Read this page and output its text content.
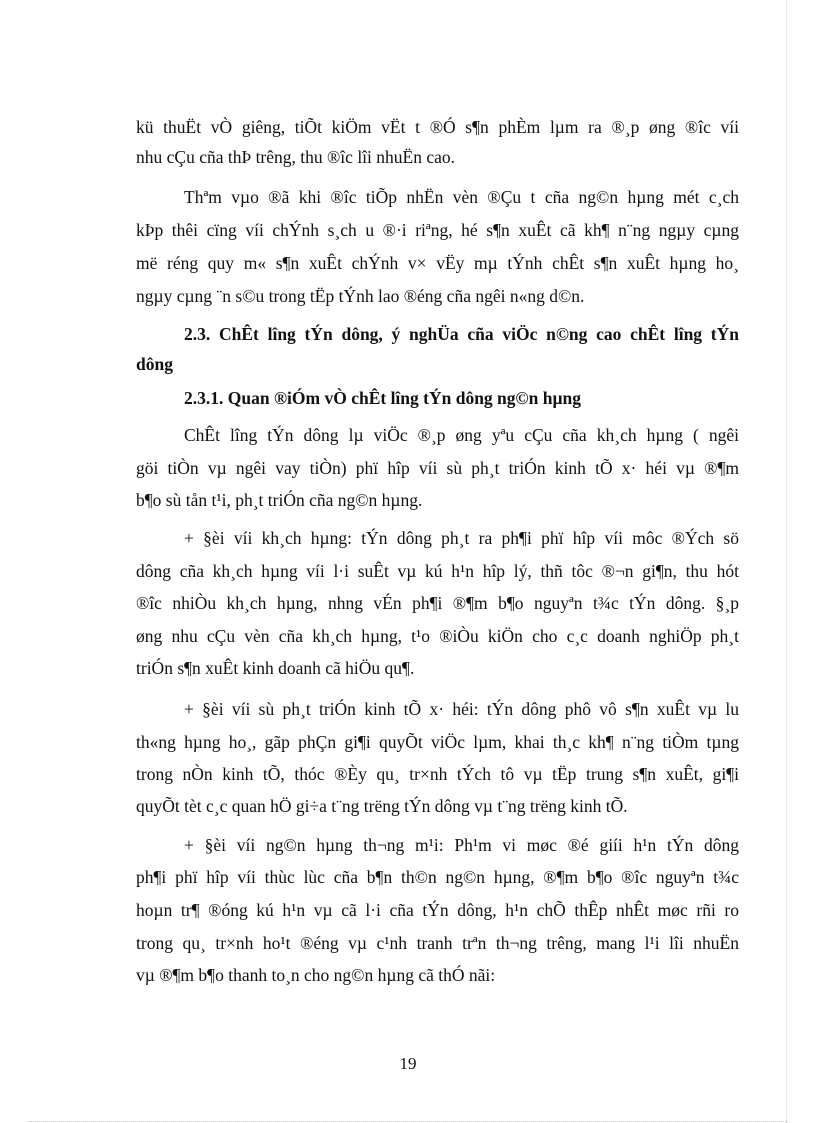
kü thuËt vÒ giêng, tiÕt kiÖm vËt t ®Ó s¶n phÈm lµm ra ®¸p øng ®îc víi
nhu cÇu cña thÞ trêng, thu ®îc lîi nhuËn cao.
Thªm vµo ®ã khi ®îc tiÕp nhËn vèn ®Çu t cña ng©n hµng mét c¸ch
kÞp thêi cïng víi chÝnh s¸ch u ®·i riªng, hé s¶n xuÊt cã kh¶ n¨ng ngµy cµng
më réng quy m« s¶n xuÊt chÝnh v× vËy mµ tÝnh chÊt s¶n xuÊt hµng ho¸
ngµy cµng ¨n s©u trong tËp tÝnh lao ®éng cña ngêi n«ng d©n.
2.3. ChÊt lîng tÝn dông, ý nghÜa cña viÖc n©ng cao chÊt lîng tÝn
dông
2.3.1. Quan ®iÓm vÒ chÊt lîng tÝn dông ng©n hµng
ChÊt lîng tÝn dông lµ viÖc ®¸p øng yªu cÇu cña kh¸ch hµng ( ngêi
göi tiÒn vµ ngêi vay tiÒn) phï hîp víi sù ph¸t triÓn kinh tÕ x· héi vµ ®¶m
b¶o sù tån t¹i, ph¸t triÓn cña ng©n hµng.
+ §èi víi kh¸ch hµng: tÝn dông ph¸t ra ph¶i phï hîp víi môc ®Ých sö
dông cña kh¸ch hµng víi l·i suÊt vµ kú h¹n hîp lý, thñ tôc ®¬n gi¶n, thu hót
®îc nhiÒu kh¸ch hµng, nhng vÉn ph¶i ®¶m b¶o nguyªn t¾c tÝn dông. §¸p
øng nhu cÇu vèn cña kh¸ch hµng, t¹o ®iÒu kiÖn cho c¸c doanh nghiÖp ph¸t
triÓn s¶n xuÊt kinh doanh cã hiÖu qu¶.
+ §èi víi sù ph¸t triÓn kinh tÕ x· héi: tÝn dông phô vô s¶n xuÊt vµ lu
th«ng hµng ho¸, gãp phÇn gi¶i quyÕt viÖc lµm, khai th¸c kh¶ n¨ng tiÒm tµng
trong nÒn kinh tÕ, thóc ®Èy qu¸ tr×nh tÝch tô vµ tËp trung s¶n xuÊt, gi¶i
quyÕt tèt c¸c quan hÖ gi÷a t¨ng trëng tÝn dông vµ t¨ng trëng kinh tÕ.
+ §èi víi ng©n hµng th¬ng m¹i: Ph¹m vi møc ®é giíi h¹n tÝn dông
ph¶i phï hîp víi thùc lùc cña b¶n th©n ng©n hµng, ®¶m b¶o ®îc nguyªn t¾c
hoµn tr¶ ®óng kú h¹n vµ cã l·i cña tÝn dông, h¹n chÕ thÊp nhÊt møc rñi ro
trong qu¸ tr×nh ho¹t ®éng vµ c¹nh tranh trªn th¬ng trêng, mang l¹i lîi nhuËn
vµ ®¶m b¶o thanh to¸n cho ng©n hµng cã thÓ nãi:
19
